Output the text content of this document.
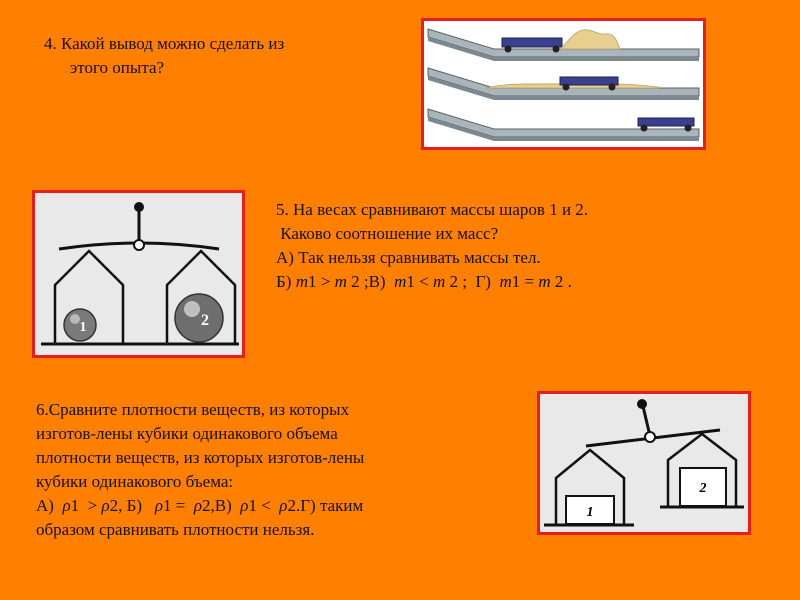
4. Какой вывод можно сделать из

этого опыта?

1	2

5. На весах сравнивают массы шаров 1 и 2.

Каково соотношение их масс?

А) Так нельзя сравнивать массы тел.

Б) m1 > m 2 ;В)  m1 < m 2 ;  Г)  m1 = m 2 .

6.Сравните плотности веществ, из которых

изготов-лены кубики одинакового объема

плотности веществ, из которых изготов-лены

кубики одинакового бъема:

А)  ρ1  > ρ2, Б)   ρ1 =  ρ2,В)  ρ1 <  ρ2.Г) таким

образом сравнивать плотности нельзя.

1
2
